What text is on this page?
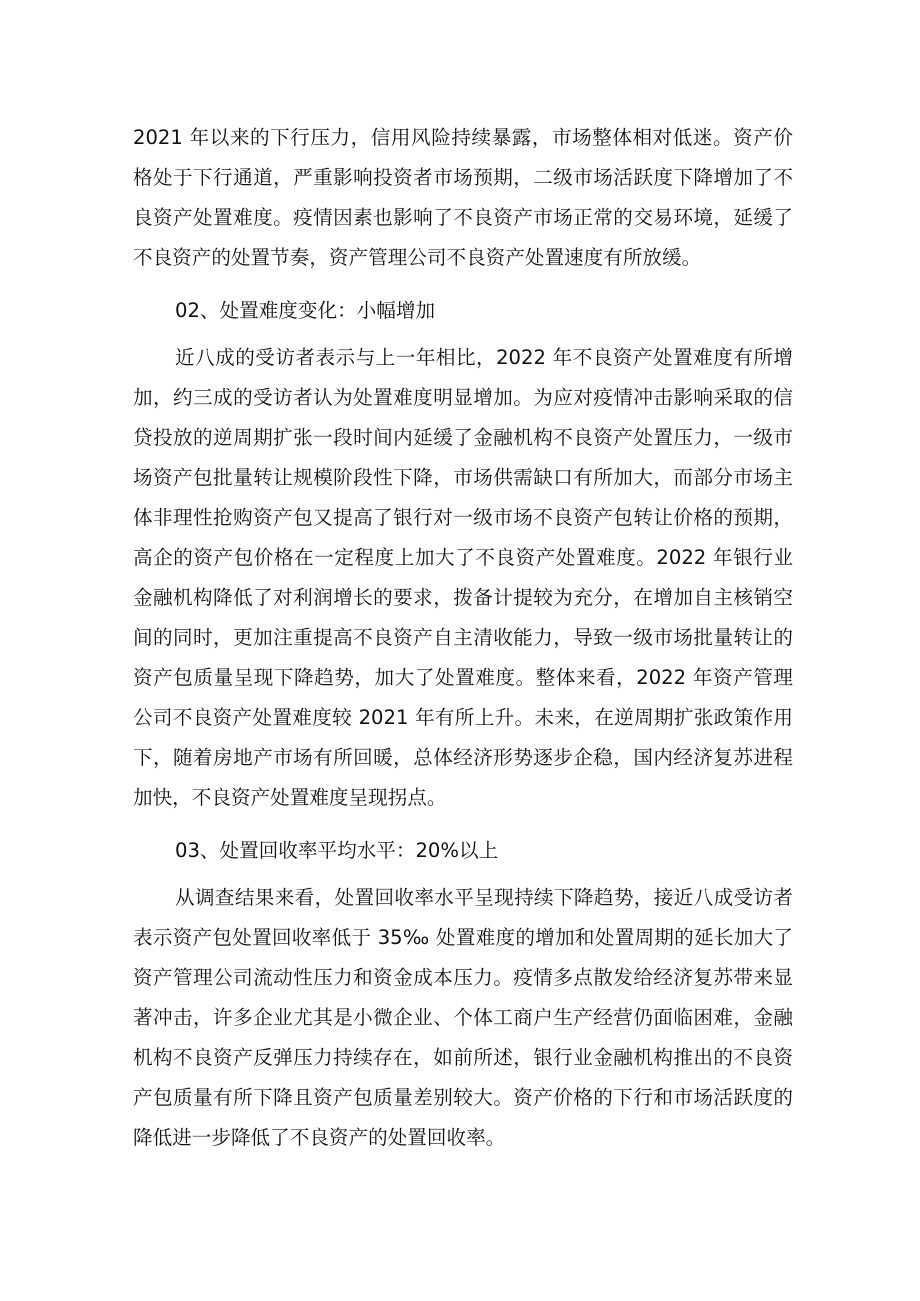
2021 年以来的下行压力，信用风险持续暴露，市场整体相对低迷。资产价
格处于下行通道，严重影响投资者市场预期，二级市场活跃度下降增加了不
良资产处置难度。疫情因素也影响了不良资产市场正常的交易环境，延缓了
不良资产的处置节奏，资产管理公司不良资产处置速度有所放缓。
02、处置难度变化：小幅增加
近八成的受访者表示与上一年相比，2022 年不良资产处置难度有所增
加，约三成的受访者认为处置难度明显增加。为应对疫情冲击影响采取的信
贷投放的逆周期扩张一段时间内延缓了金融机构不良资产处置压力，一级市
场资产包批量转让规模阶段性下降，市场供需缺口有所加大，而部分市场主
体非理性抢购资产包又提高了银行对一级市场不良资产包转让价格的预期，
高企的资产包价格在一定程度上加大了不良资产处置难度。2022 年银行业
金融机构降低了对利润增长的要求，拨备计提较为充分，在增加自主核销空
间的同时，更加注重提高不良资产自主清收能力，导致一级市场批量转让的
资产包质量呈现下降趋势，加大了处置难度。整体来看，2022 年资产管理
公司不良资产处置难度较 2021 年有所上升。未来，在逆周期扩张政策作用
下，随着房地产市场有所回暖，总体经济形势逐步企稳，国内经济复苏进程
加快，不良资产处置难度呈现拐点。
03、处置回收率平均水平：20%以上
从调查结果来看，处置回收率水平呈现持续下降趋势，接近八成受访者
表示资产包处置回收率低于 35‰ 处置难度的增加和处置周期的延长加大了
资产管理公司流动性压力和资金成本压力。疫情多点散发给经济复苏带来显
著冲击，许多企业尤其是小微企业、个体工商户生产经营仍面临困难，金融
机构不良资产反弹压力持续存在，如前所述，银行业金融机构推出的不良资
产包质量有所下降且资产包质量差别较大。资产价格的下行和市场活跃度的
降低进一步降低了不良资产的处置回收率。
